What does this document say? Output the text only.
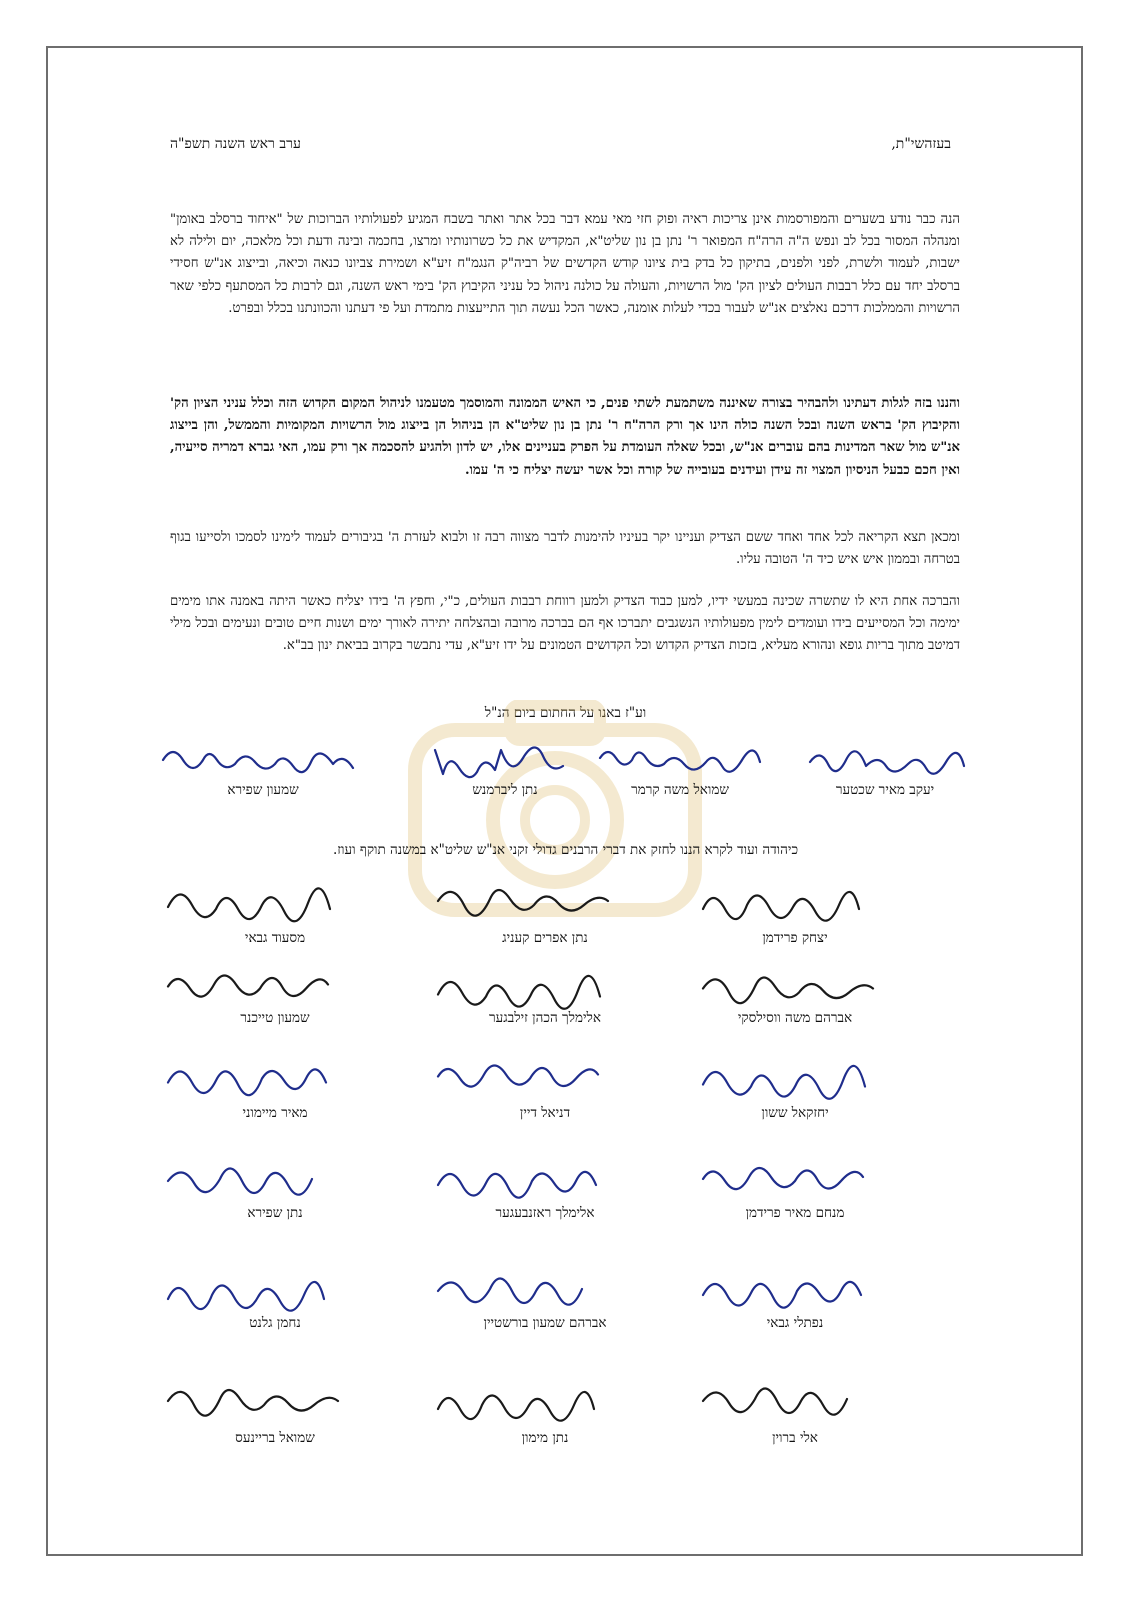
בעזהשי"ת,
ערב ראש השנה תשפ"ה

הנה כבר נודע בשערים והמפורסמות אינן צריכות ראיה ופוק חזי מאי עמא דבר בכל אתר ואתר בשבח המגיע לפעולותיו הברוכות של "איחוד ברסלב באומן" ומנהלה המסור בכל לב ונפש ה"ה הרה"ח המפואר ר' נתן בן נון שליט"א, המקדיש את כל כשרונותיו ומרצו, בחכמה ובינה ודעת וכל מלאכה, יום ולילה לא ישבות, לעמוד ולשרת, לפני ולפנים, בתיקון כל בדק בית ציונו קודש הקדשים של רביה"ק הנגמ"ח זיע"א ושמירת צביונו כנאה וכיאה, ובייצוג אנ"ש חסידי ברסלב יחד עם כלל רבבות העולים לציון הק' מול הרשויות, והעולה על כולנה ניהול כל עניני הקיבוץ הק' בימי ראש השנה, וגם לרבות כל המסתעף כלפי שאר הרשויות והממלכות דרכם נאלצים אנ"ש לעבור בכדי לעלות אומנה, כאשר הכל נעשה תוך התייעצות מתמדת ועל פי דעתנו והכוונתנו בכלל ובפרט.

והננו בזה לגלות דעתינו ולהבהיר בצורה שאיננה משתמעת לשתי פנים, כי האיש הממונה והמוסמך מטעמנו לניהול המקום הקדוש הזה וכלל עניני הציון הק' והקיבוץ הק' בראש השנה ובכל השנה כולה הינו אך ורק הרה"ח ר' נתן בן נון שליט"א הן בניהול הן בייצוג מול הרשויות המקומיות והממשל, והן בייצוג אנ"ש מול שאר המדינות בהם עוברים אנ"ש, ובכל שאלה העומדת על הפרק בעניינים אלו, יש לדון ולהגיע להסכמה אך ורק עמו, האי גברא דמריה סייעיה, ואין חכם כבעל הניסיון המצוי זה עידן ועידנים בעובייה של קורה וכל אשר יעשה יצליח כי ה' עמו.

ומכאן תצא הקריאה לכל אחד ואחד ששם הצדיק ועניינו יקר בעיניו להימנות לדבר מצווה רבה זו ולבוא לעזרת ה' בגיבורים לעמוד לימינו לסמכו ולסייעו בגוף בטרחה ובממון איש איש כיד ה' הטובה עליו.

והברכה אחת היא לו שתשרה שכינה במעשי ידיו, למען כבוד הצדיק ולמען רווחת רבבות העולים, כ"י, וחפץ ה' בידו יצליח כאשר היתה באמנה אתו מימים ימימה וכל המסייעים בידו ועומדים לימין מפעולותיו הנשגבים יתברכו אף הם בברכה מרובה ובהצלחה יתירה לאורך ימים ושנות חיים טובים ונעימים ובכל מילי דמיטב מתוך בריות גופא ונהורא מעליא, בזכות הצדיק הקדוש וכל הקדושים הטמונים על ידו זיע"א, עדי נתבשר בקרוב בביאת ינון בב"א.

וע"ז באנו על החתום ביום הנ"ל
יעקב מאיר שכטער
שמואל משה קרמר
נתן ליברמנש
שמעון שפירא
כיהודה ועוד לקרא הננו לחזק את דברי הרבנים גדולי זקני אנ"ש שליט"א במשנה תוקף ועוז.
יצחק פרידמן
נתן אפרים קעניג
מסעוד גבאי
אברהם משה ווסילסקי
אלימלך הכהן זילבגער
שמעון טייכנר
יחזקאל ששון
דניאל דיין
מאיר מיימוני
מנחם מאיר פרידמן
אלימלך ראזנבעגער
נתן שפירא
נפתלי גבאי
אברהם שמעון בורשטיין
נחמן גלנט
אלי ברוין
נתן מימון
שמואל בריינעס
